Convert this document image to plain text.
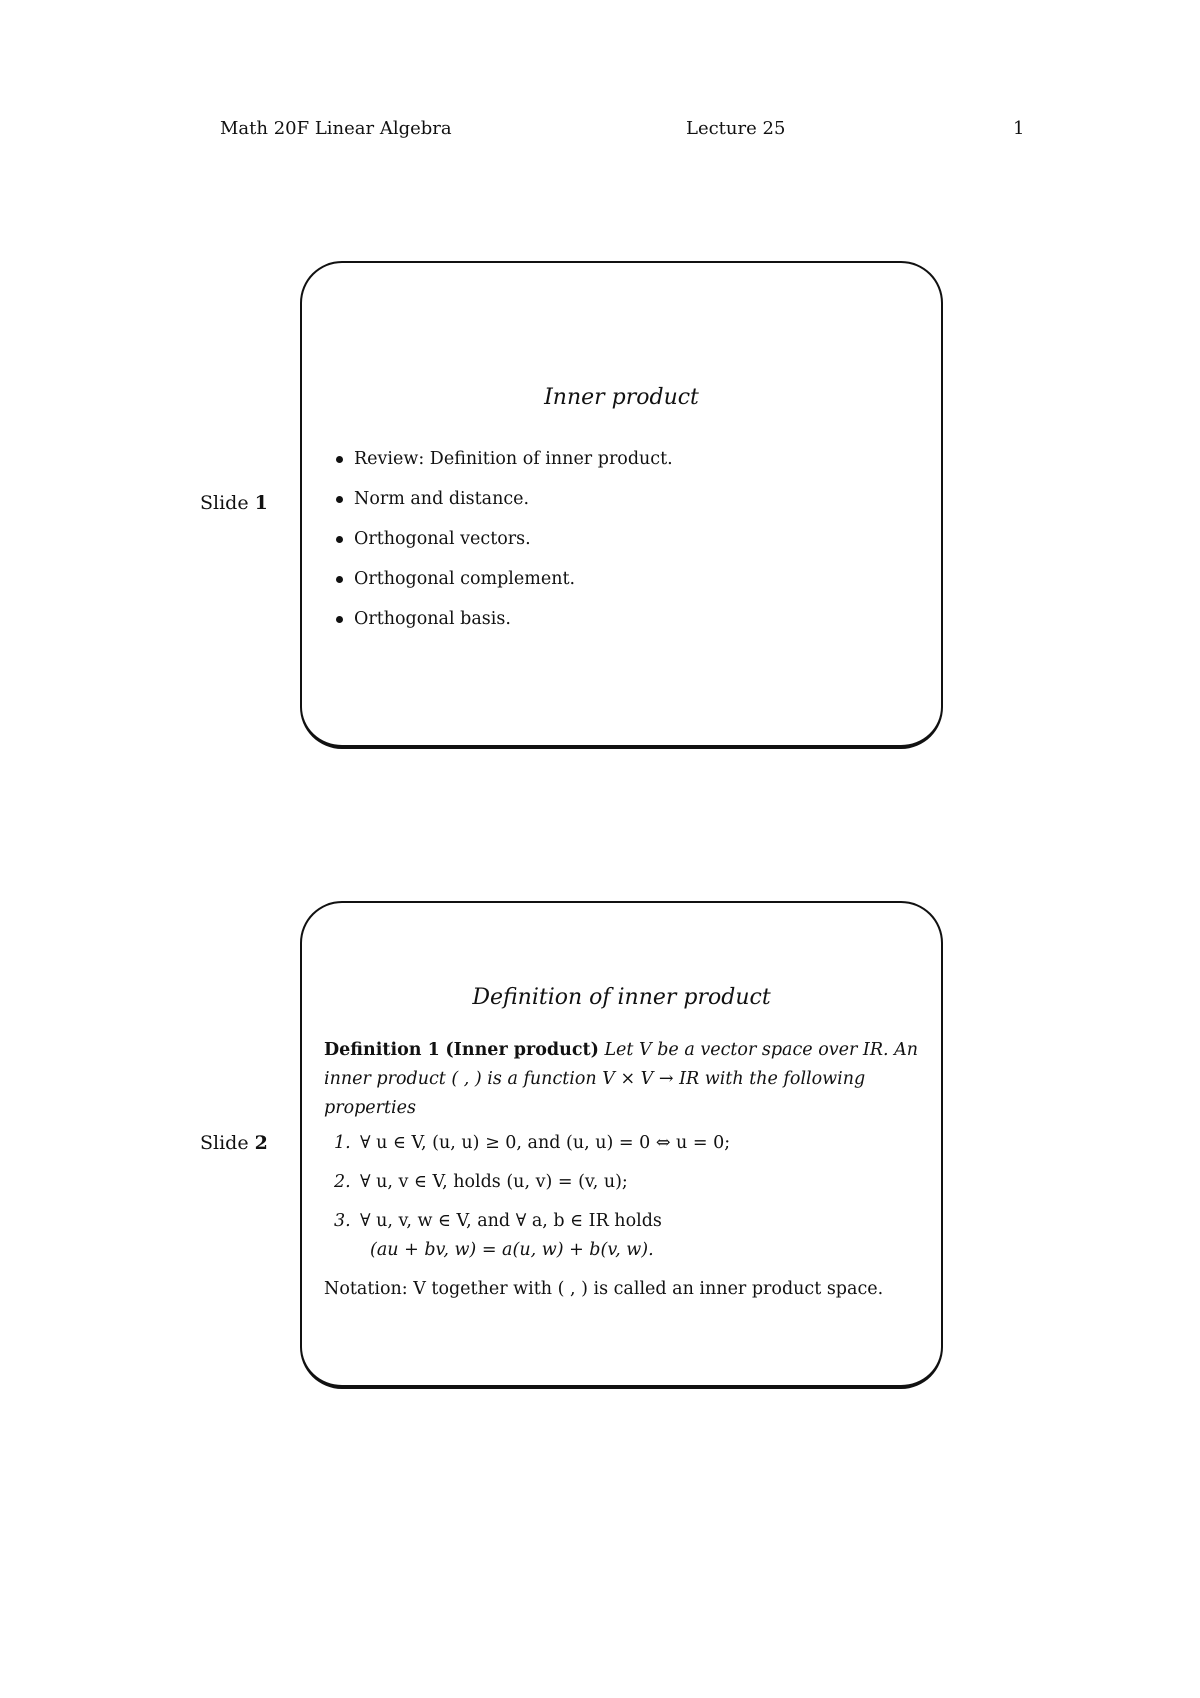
Math 20F Linear Algebra	Lecture 25	1
Slide 1
Inner product
Review: Definition of inner product.
Norm and distance.
Orthogonal vectors.
Orthogonal complement.
Orthogonal basis.
Slide 2
Definition of inner product
Definition 1 (Inner product) Let V be a vector space over IR. An inner product ( , ) is a function V × V → IR with the following properties
1. ∀ u ∈ V, (u, u) ≥ 0, and (u, u) = 0 ⇔ u = 0;
2. ∀ u, v ∈ V, holds (u, v) = (v, u);
3. ∀ u, v, w ∈ V, and ∀ a, b ∈ IR holds
(au + bv, w) = a(u, w) + b(v, w).
Notation: V together with ( , ) is called an inner product space.
